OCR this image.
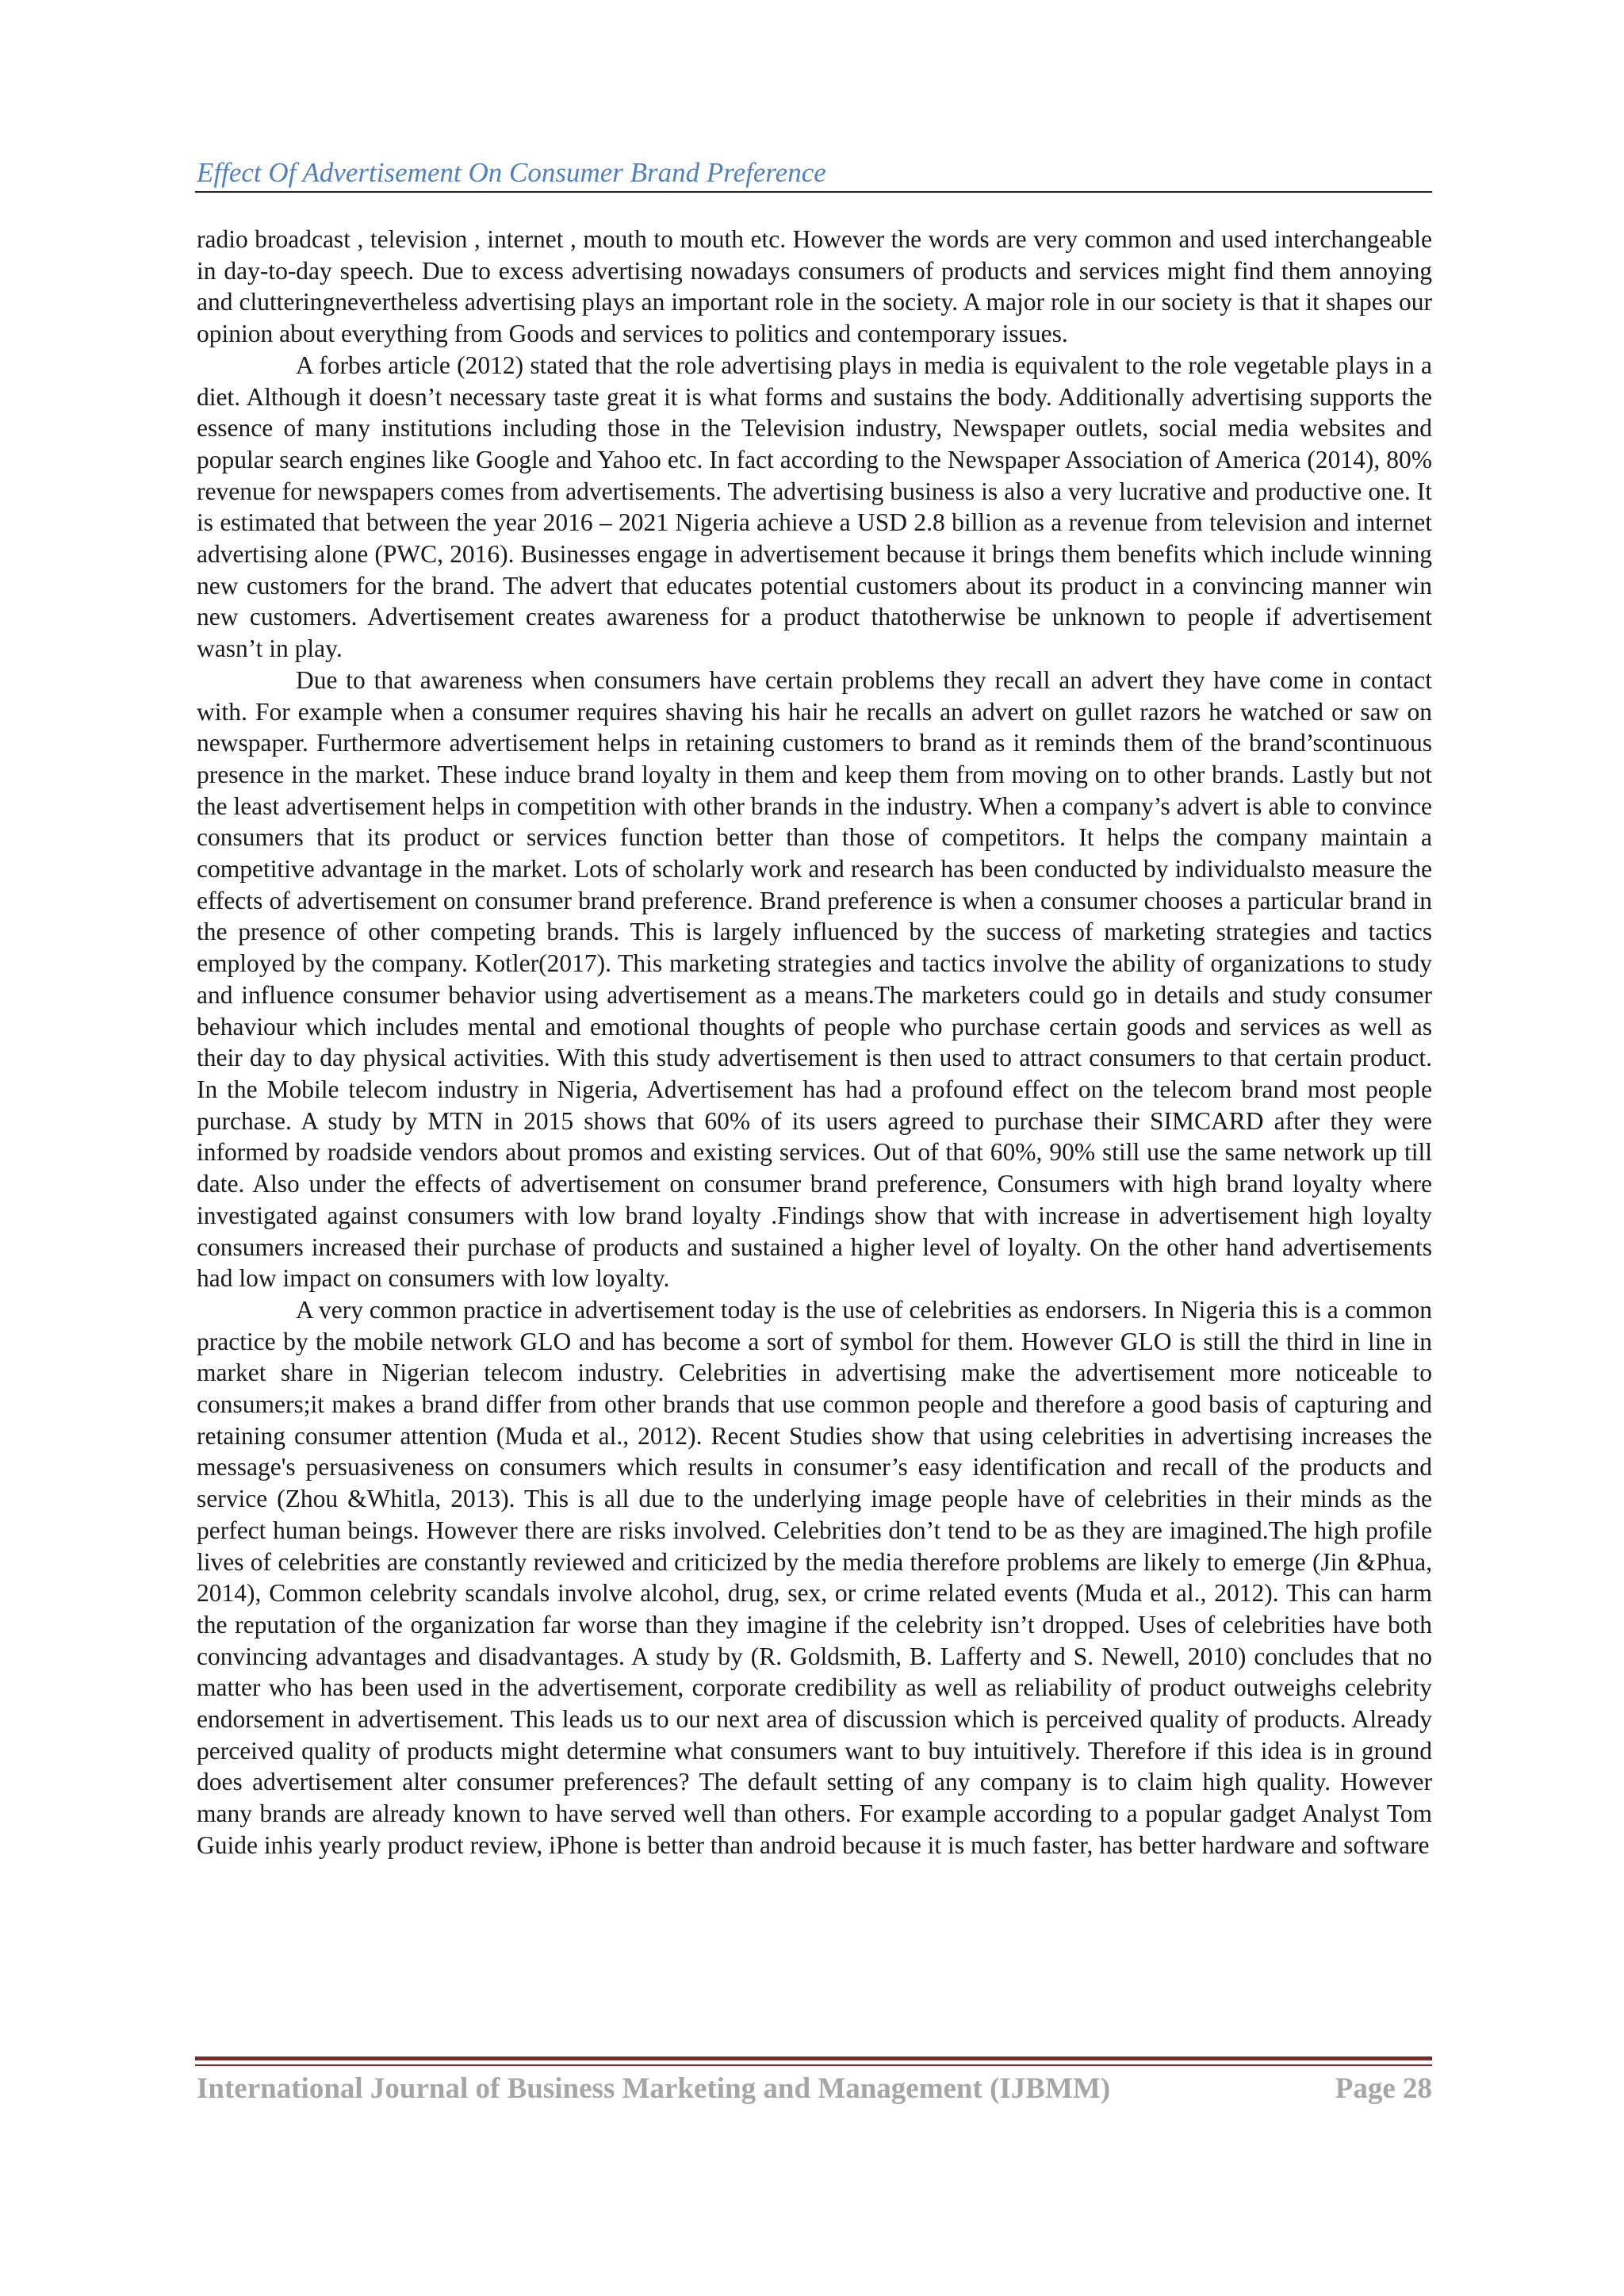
Effect Of Advertisement On Consumer Brand Preference

radio broadcast , television , internet , mouth to mouth etc. However the words are very common and used interchangeable in day-to-day speech. Due to excess advertising nowadays consumers of products and services might find them annoying and clutteringnevertheless advertising plays an important role in the society. A major role in our society is that it shapes our opinion about everything from Goods and services to politics and contemporary issues.

A forbes article (2012) stated that the role advertising plays in media is equivalent to the role vegetable plays in a diet. Although it doesn’t necessary taste great it is what forms and sustains the body. Additionally advertising supports the essence of many institutions including those in the Television industry, Newspaper outlets, social media websites and popular search engines like Google and Yahoo etc. In fact according to the Newspaper Association of America (2014), 80% revenue for newspapers comes from advertisements. The advertising business is also a very lucrative and productive one. It is estimated that between the year 2016 – 2021 Nigeria achieve a USD 2.8 billion as a revenue from television and internet advertising alone (PWC, 2016). Businesses engage in advertisement because it brings them benefits which include winning new customers for the brand. The advert that educates potential customers about its product in a convincing manner win new customers. Advertisement creates awareness for a product thatotherwise be unknown to people if advertisement wasn’t in play.

Due to that awareness when consumers have certain problems they recall an advert they have come in contact with. For example when a consumer requires shaving his hair he recalls an advert on gullet razors he watched or saw on newspaper. Furthermore advertisement helps in retaining customers to brand as it reminds them of the brand’scontinuous presence in the market. These induce brand loyalty in them and keep them from moving on to other brands. Lastly but not the least advertisement helps in competition with other brands in the industry. When a company’s advert is able to convince consumers that its product or services function better than those of competitors. It helps the company maintain a competitive advantage in the market. Lots of scholarly work and research has been conducted by individualsto measure the effects of advertisement on consumer brand preference. Brand preference is when a consumer chooses a particular brand in the presence of other competing brands. This is largely influenced by the success of marketing strategies and tactics employed by the company. Kotler(2017). This marketing strategies and tactics involve the ability of organizations to study and influence consumer behavior using advertisement as a means.The marketers could go in details and study consumer behaviour which includes mental and emotional thoughts of people who purchase certain goods and services as well as their day to day physical activities. With this study advertisement is then used to attract consumers to that certain product. In the Mobile telecom industry in Nigeria, Advertisement has had a profound effect on the telecom brand most people purchase. A study by MTN in 2015 shows that 60% of its users agreed to purchase their SIMCARD after they were informed by roadside vendors about promos and existing services. Out of that 60%, 90% still use the same network up till date. Also under the effects of advertisement on consumer brand preference, Consumers with high brand loyalty where investigated against consumers with low brand loyalty .Findings show that with increase in advertisement high loyalty consumers increased their purchase of products and sustained a higher level of loyalty. On the other hand advertisements had low impact on consumers with low loyalty.

A very common practice in advertisement today is the use of celebrities as endorsers. In Nigeria this is a common practice by the mobile network GLO and has become a sort of symbol for them. However GLO is still the third in line in market share in Nigerian telecom industry. Celebrities in advertising make the advertisement more noticeable to consumers;it makes a brand differ from other brands that use common people and therefore a good basis of capturing and retaining consumer attention (Muda et al., 2012). Recent Studies show that using celebrities in advertising increases the message's persuasiveness on consumers which results in consumer’s easy identification and recall of the products and service (Zhou &Whitla, 2013). This is all due to the underlying image people have of celebrities in their minds as the perfect human beings. However there are risks involved. Celebrities don’t tend to be as they are imagined.The high profile lives of celebrities are constantly reviewed and criticized by the media therefore problems are likely to emerge (Jin &Phua, 2014), Common celebrity scandals involve alcohol, drug, sex, or crime related events (Muda et al., 2012). This can harm the reputation of the organization far worse than they imagine if the celebrity isn’t dropped. Uses of celebrities have both convincing advantages and disadvantages. A study by (R. Goldsmith, B. Lafferty and S. Newell, 2010) concludes that no matter who has been used in the advertisement, corporate credibility as well as reliability of product outweighs celebrity endorsement in advertisement. This leads us to our next area of discussion which is perceived quality of products. Already perceived quality of products might determine what consumers want to buy intuitively. Therefore if this idea is in ground does advertisement alter consumer preferences? The default setting of any company is to claim high quality. However many brands are already known to have served well than others. For example according to a popular gadget Analyst Tom Guide inhis yearly product review, iPhone is better than android because it is much faster, has better hardware and software

International Journal of Business Marketing and Management (IJBMM)	Page 28
